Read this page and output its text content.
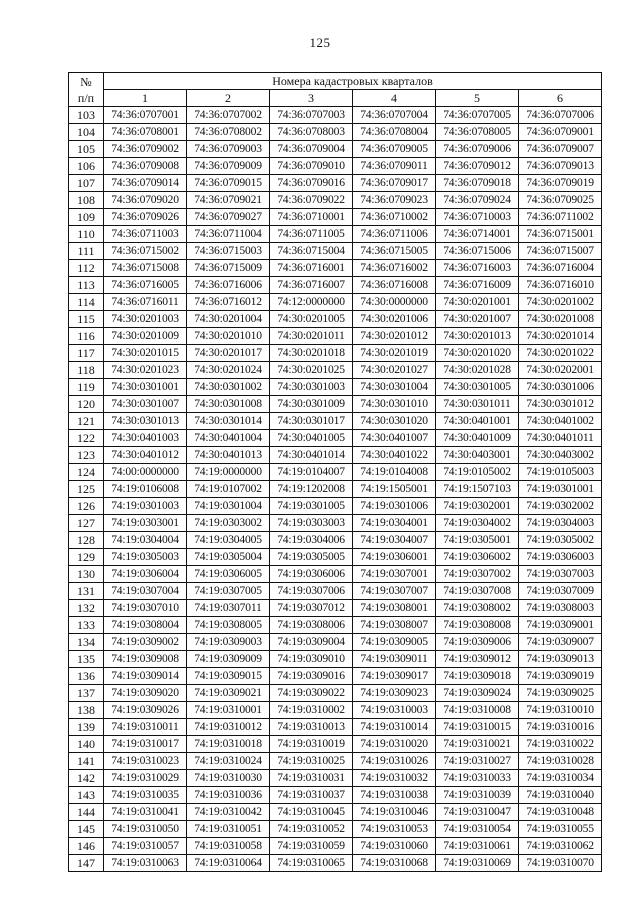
125
№
п/п	Номера кадастровых кварталов					
	1	2	3	4	5	6
103	74:36:0707001	74:36:0707002	74:36:0707003	74:36:0707004	74:36:0707005	74:36:0707006
104	74:36:0708001	74:36:0708002	74:36:0708003	74:36:0708004	74:36:0708005	74:36:0709001
105	74:36:0709002	74:36:0709003	74:36:0709004	74:36:0709005	74:36:0709006	74:36:0709007
106	74:36:0709008	74:36:0709009	74:36:0709010	74:36:0709011	74:36:0709012	74:36:0709013
107	74:36:0709014	74:36:0709015	74:36:0709016	74:36:0709017	74:36:0709018	74:36:0709019
108	74:36:0709020	74:36:0709021	74:36:0709022	74:36:0709023	74:36:0709024	74:36:0709025
109	74:36:0709026	74:36:0709027	74:36:0710001	74:36:0710002	74:36:0710003	74:36:0711002
110	74:36:0711003	74:36:0711004	74:36:0711005	74:36:0711006	74:36:0714001	74:36:0715001
111	74:36:0715002	74:36:0715003	74:36:0715004	74:36:0715005	74:36:0715006	74:36:0715007
112	74:36:0715008	74:36:0715009	74:36:0716001	74:36:0716002	74:36:0716003	74:36:0716004
113	74:36:0716005	74:36:0716006	74:36:0716007	74:36:0716008	74:36:0716009	74:36:0716010
114	74:36:0716011	74:36:0716012	74:12:0000000	74:30:0000000	74:30:0201001	74:30:0201002
115	74:30:0201003	74:30:0201004	74:30:0201005	74:30:0201006	74:30:0201007	74:30:0201008
116	74:30:0201009	74:30:0201010	74:30:0201011	74:30:0201012	74:30:0201013	74:30:0201014
117	74:30:0201015	74:30:0201017	74:30:0201018	74:30:0201019	74:30:0201020	74:30:0201022
118	74:30:0201023	74:30:0201024	74:30:0201025	74:30:0201027	74:30:0201028	74:30:0202001
119	74:30:0301001	74:30:0301002	74:30:0301003	74:30:0301004	74:30:0301005	74:30:0301006
120	74:30:0301007	74:30:0301008	74:30:0301009	74:30:0301010	74:30:0301011	74:30:0301012
121	74:30:0301013	74:30:0301014	74:30:0301017	74:30:0301020	74:30:0401001	74:30:0401002
122	74:30:0401003	74:30:0401004	74:30:0401005	74:30:0401007	74:30:0401009	74:30:0401011
123	74:30:0401012	74:30:0401013	74:30:0401014	74:30:0401022	74:30:0403001	74:30:0403002
124	74:00:0000000	74:19:0000000	74:19:0104007	74:19:0104008	74:19:0105002	74:19:0105003
125	74:19:0106008	74:19:0107002	74:19:1202008	74:19:1505001	74:19:1507103	74:19:0301001
126	74:19:0301003	74:19:0301004	74:19:0301005	74:19:0301006	74:19:0302001	74:19:0302002
127	74:19:0303001	74:19:0303002	74:19:0303003	74:19:0304001	74:19:0304002	74:19:0304003
128	74:19:0304004	74:19:0304005	74:19:0304006	74:19:0304007	74:19:0305001	74:19:0305002
129	74:19:0305003	74:19:0305004	74:19:0305005	74:19:0306001	74:19:0306002	74:19:0306003
130	74:19:0306004	74:19:0306005	74:19:0306006	74:19:0307001	74:19:0307002	74:19:0307003
131	74:19:0307004	74:19:0307005	74:19:0307006	74:19:0307007	74:19:0307008	74:19:0307009
132	74:19:0307010	74:19:0307011	74:19:0307012	74:19:0308001	74:19:0308002	74:19:0308003
133	74:19:0308004	74:19:0308005	74:19:0308006	74:19:0308007	74:19:0308008	74:19:0309001
134	74:19:0309002	74:19:0309003	74:19:0309004	74:19:0309005	74:19:0309006	74:19:0309007
135	74:19:0309008	74:19:0309009	74:19:0309010	74:19:0309011	74:19:0309012	74:19:0309013
136	74:19:0309014	74:19:0309015	74:19:0309016	74:19:0309017	74:19:0309018	74:19:0309019
137	74:19:0309020	74:19:0309021	74:19:0309022	74:19:0309023	74:19:0309024	74:19:0309025
138	74:19:0309026	74:19:0310001	74:19:0310002	74:19:0310003	74:19:0310008	74:19:0310010
139	74:19:0310011	74:19:0310012	74:19:0310013	74:19:0310014	74:19:0310015	74:19:0310016
140	74:19:0310017	74:19:0310018	74:19:0310019	74:19:0310020	74:19:0310021	74:19:0310022
141	74:19:0310023	74:19:0310024	74:19:0310025	74:19:0310026	74:19:0310027	74:19:0310028
142	74:19:0310029	74:19:0310030	74:19:0310031	74:19:0310032	74:19:0310033	74:19:0310034
143	74:19:0310035	74:19:0310036	74:19:0310037	74:19:0310038	74:19:0310039	74:19:0310040
144	74:19:0310041	74:19:0310042	74:19:0310045	74:19:0310046	74:19:0310047	74:19:0310048
145	74:19:0310050	74:19:0310051	74:19:0310052	74:19:0310053	74:19:0310054	74:19:0310055
146	74:19:0310057	74:19:0310058	74:19:0310059	74:19:0310060	74:19:0310061	74:19:0310062
147	74:19:0310063	74:19:0310064	74:19:0310065	74:19:0310068	74:19:0310069	74:19:0310070
